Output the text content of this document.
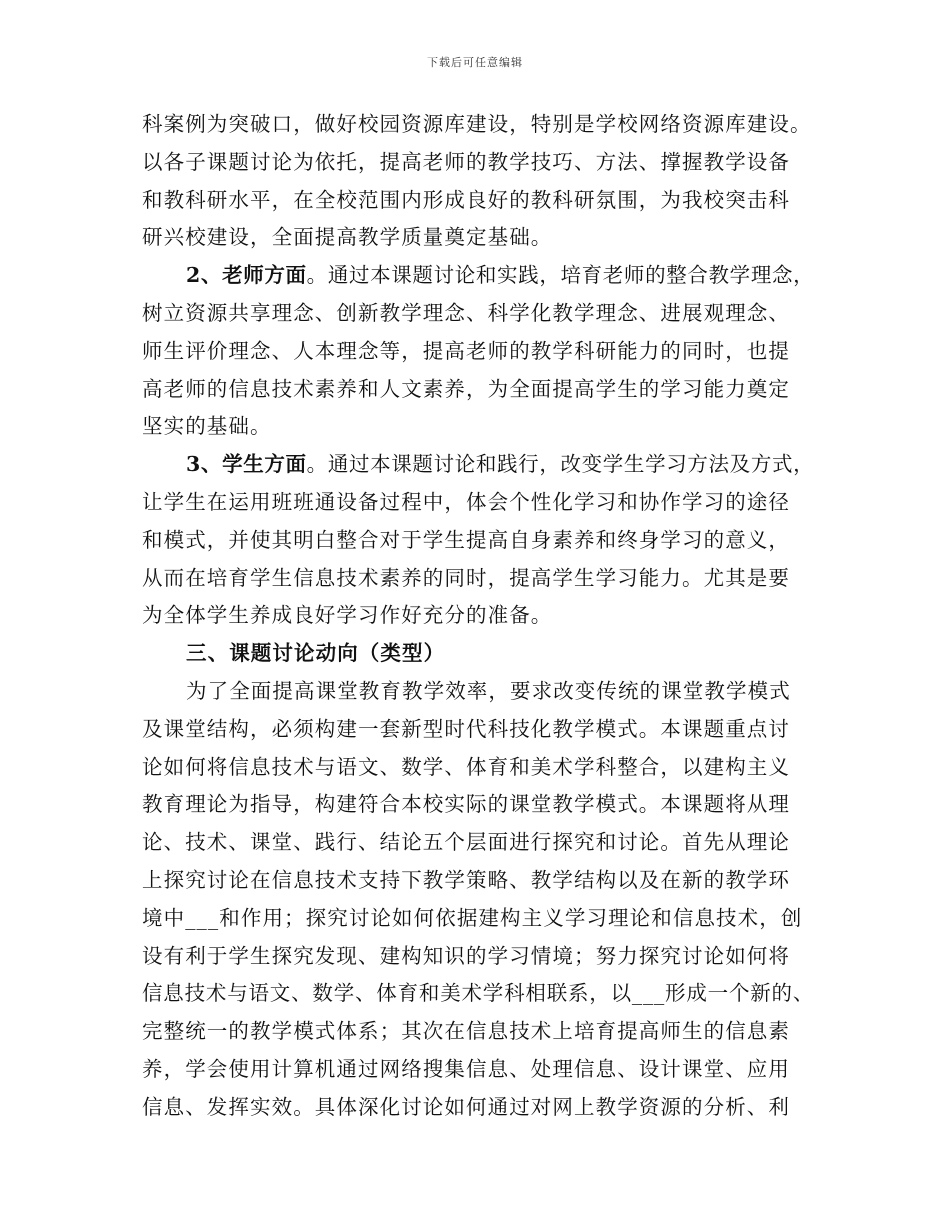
下载后可任意编辑
科案例为突破口，做好校园资源库建设，特别是学校网络资源库建设。
以各子课题讨论为依托，提高老师的教学技巧、方法、撑握教学设备
和教科研水平，在全校范围内形成良好的教科研氛围，为我校突击科
研兴校建设，全面提高教学质量奠定基础。
2、老师方面。通过本课题讨论和实践，培育老师的整合教学理念，
树立资源共享理念、创新教学理念、科学化教学理念、进展观理念、
师生评价理念、人本理念等，提高老师的教学科研能力的同时，也提
高老师的信息技术素养和人文素养，为全面提高学生的学习能力奠定
坚实的基础。
3、学生方面。通过本课题讨论和践行，改变学生学习方法及方式，
让学生在运用班班通设备过程中，体会个性化学习和协作学习的途径
和模式，并使其明白整合对于学生提高自身素养和终身学习的意义，
从而在培育学生信息技术素养的同时，提高学生学习能力。尤其是要
为全体学生养成良好学习作好充分的准备。
三、课题讨论动向（类型）
为了全面提高课堂教育教学效率，要求改变传统的课堂教学模式
及课堂结构，必须构建一套新型时代科技化教学模式。本课题重点讨
论如何将信息技术与语文、数学、体育和美术学科整合，以建构主义
教育理论为指导，构建符合本校实际的课堂教学模式。本课题将从理
论、技术、课堂、践行、结论五个层面进行探究和讨论。首先从理论
上探究讨论在信息技术支持下教学策略、教学结构以及在新的教学环
境中___和作用；探究讨论如何依据建构主义学习理论和信息技术，创
设有利于学生探究发现、建构知识的学习情境；努力探究讨论如何将
信息技术与语文、数学、体育和美术学科相联系，以___形成一个新的、
完整统一的教学模式体系；其次在信息技术上培育提高师生的信息素
养，学会使用计算机通过网络搜集信息、处理信息、设计课堂、应用
信息、发挥实效。具体深化讨论如何通过对网上教学资源的分析、利
